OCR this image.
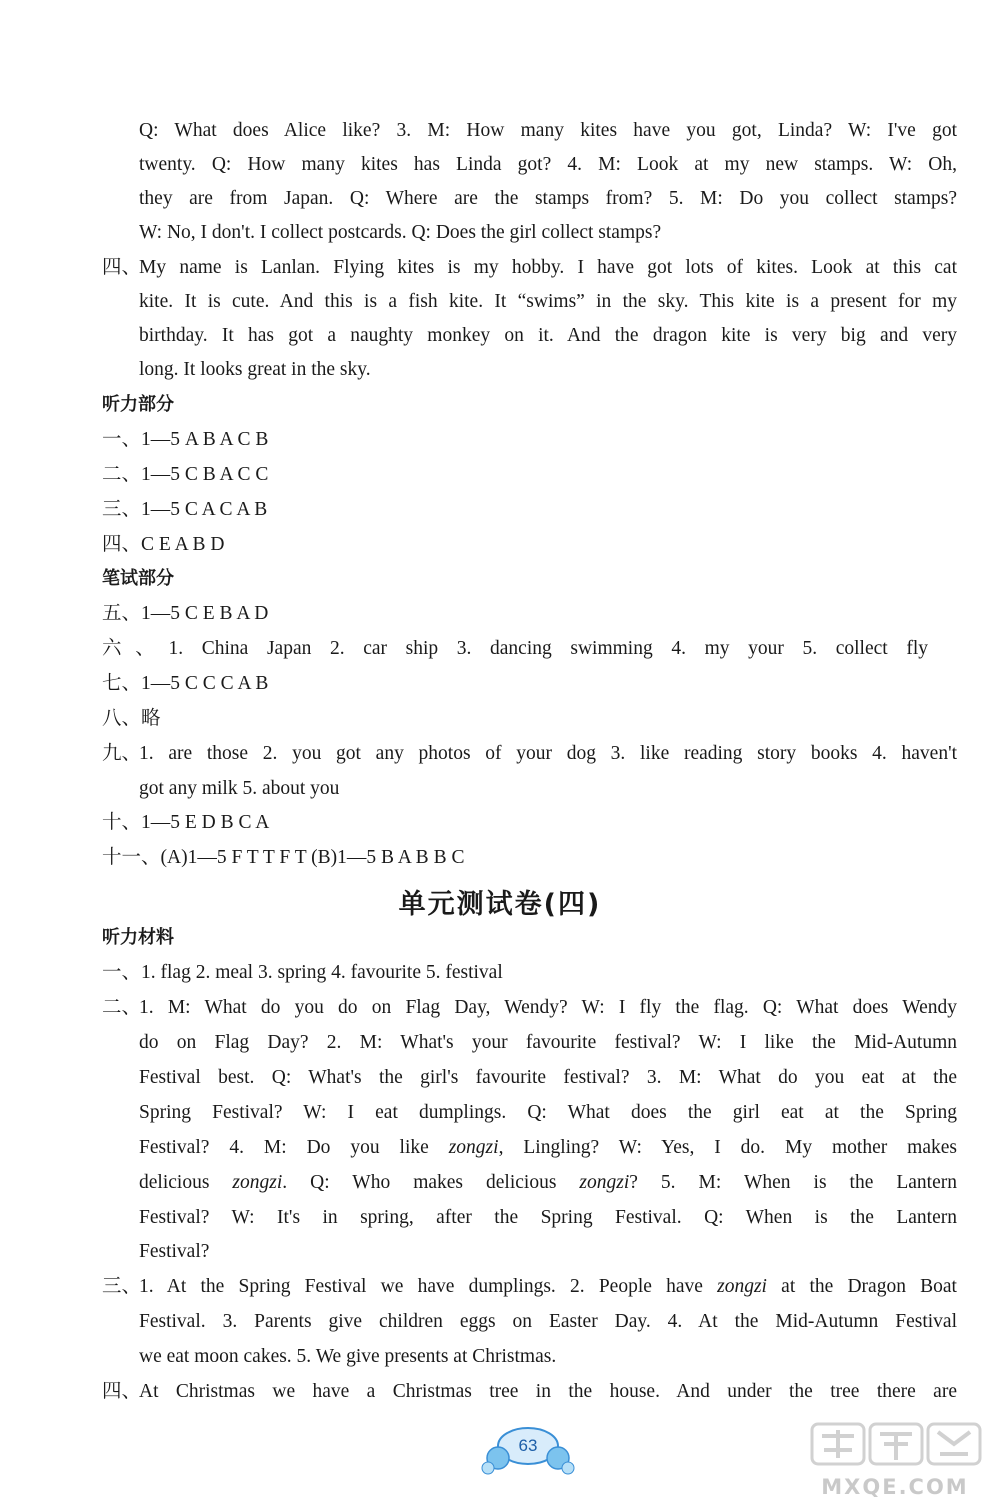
Q: What does Alice like? 3. M: How many kites have you got, Linda? W: I've got
twenty. Q: How many kites has Linda got? 4. M: Look at my new stamps. W: Oh,
they are from Japan. Q: Where are the stamps from? 5. M: Do you collect stamps?
W: No, I don't. I collect postcards. Q: Does the girl collect stamps?
四、
My name is Lanlan. Flying kites is my hobby. I have got lots of kites. Look at this cat
kite. It is cute. And this is a fish kite. It “swims” in the sky. This kite is a present for my
birthday. It has got a naughty monkey on it. And the dragon kite is very big and very
long. It looks great in the sky.
听力部分
一、1—5 A B A C B
二、1—5 C B A C C
三、1—5 C A C A B
四、C E A B D
笔试部分
五、1—5 C E B A D
六、1. China Japan 2. car ship 3. dancing swimming 4. my your 5. collect fly
七、1—5 C C C A B
八、略
九、
1. are those 2. you got any photos of your dog 3. like reading story books 4. haven't
got any milk 5. about you
十、1—5 E D B C A
十一、(A)1—5 F T T F T (B)1—5 B A B B C
单元测试卷(四)
听力材料
一、1. flag 2. meal 3. spring 4. favourite 5. festival
二、
1. M: What do you do on Flag Day, Wendy? W: I fly the flag. Q: What does Wendy
do on Flag Day? 2. M: What's your favourite festival? W: I like the Mid-Autumn
Festival best. Q: What's the girl's favourite festival? 3. M: What do you eat at the
Spring Festival? W: I eat dumplings. Q: What does the girl eat at the Spring
Festival? 4. M: Do you like zongzi, Lingling? W: Yes, I do. My mother makes
delicious zongzi. Q: Who makes delicious zongzi? 5. M: When is the Lantern
Festival? W: It's in spring, after the Spring Festival. Q: When is the Lantern
Festival?
三、
1. At the Spring Festival we have dumplings. 2. People have zongzi at the Dragon Boat
Festival. 3. Parents give children eggs on Easter Day. 4. At the Mid-Autumn Festival
we eat moon cakes. 5. We give presents at Christmas.
四、
At Christmas we have a Christmas tree in the house. And under the tree there are
63
MXQE.COM
